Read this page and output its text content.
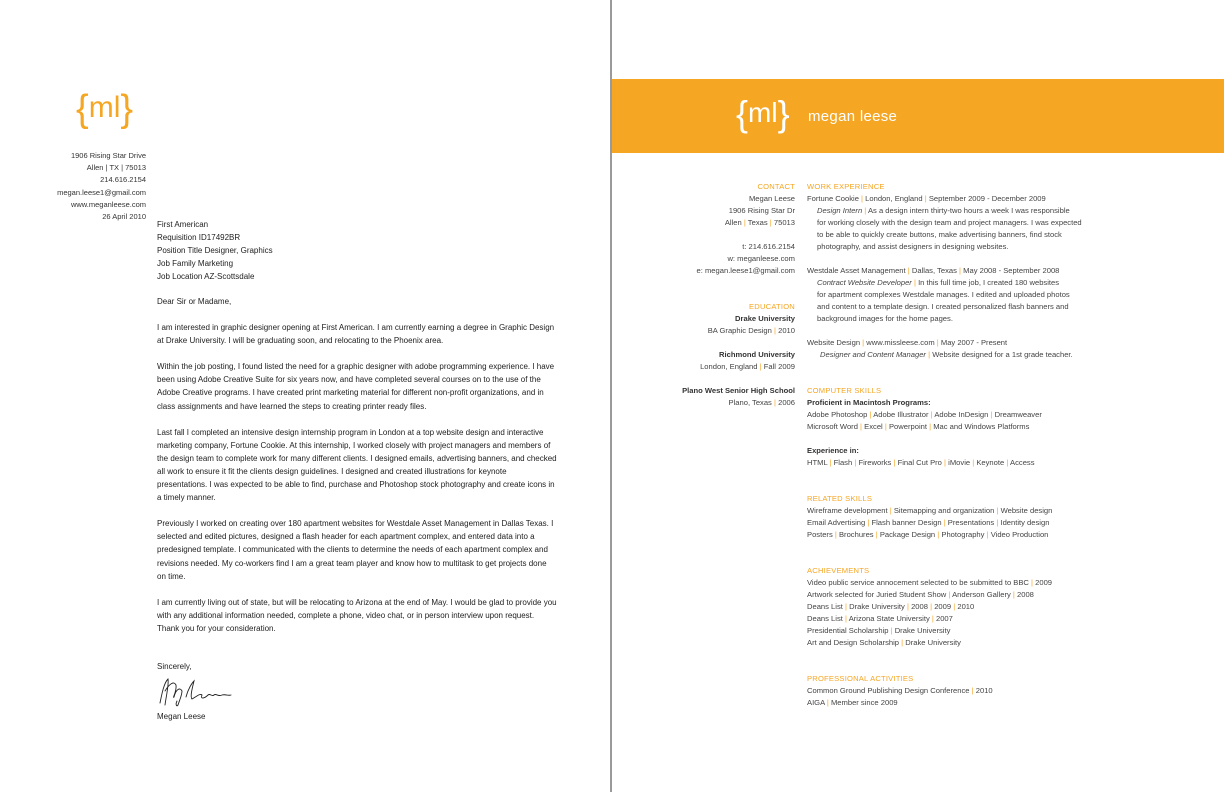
{ml}
1906 Rising Star Drive
Allen | TX | 75013
214.616.2154
megan.leese1@gmail.com
www.meganleese.com
26 April 2010
First American
Requisition ID17492BR
Position Title Designer, Graphics
Job Family Marketing
Job Location AZ-Scottsdale

Dear Sir or Madame,

I am interested in graphic designer opening at First American. I am currently earning a degree in Graphic Design at Drake University. I will be graduating soon, and relocating to the Phoenix area.

Within the job posting, I found listed the need for a graphic designer with adobe programming experience. I have been using Adobe Creative Suite for six years now, and have completed several courses on to the use of the Adobe Creative programs. I have created print marketing material for different non-profit organizations, and in class assignments and have learned the steps to creating printer ready files.

Last fall I completed an intensive design internship program in London at a top website design and interactive marketing company, Fortune Cookie. At this internship, I worked closely with project managers and members of the design team to complete work for many different clients. I designed emails, advertising banners, and checked all work to ensure it fit the clients design guidelines. I designed and created illustrations for keynote presentations. I was expected to be able to find, purchase and Photoshop stock photography and create icons in a timely manner.

Previously I worked on creating over 180 apartment websites for Westdale Asset Management in Dallas Texas. I selected and edited pictures, designed a flash header for each apartment complex, and entered data into a predesigned template. I communicated with the clients to determine the needs of each apartment complex and revisions needed. My co-workers find I am a great team player and know how to multitask to get projects done on time.

I am currently living out of state, but will be relocating to Arizona at the end of May. I would be glad to provide you with any additional information needed, complete a phone, video chat, or in person interview upon request. Thank you for your consideration.

Sincerely,
Megan Leese
{ml} megan leese
CONTACT
Megan Leese
1906 Rising Star Dr
Allen | Texas | 75013
t: 214.616.2154
w: meganleese.com
e: megan.leese1@gmail.com
EDUCATION
Drake University
BA Graphic Design | 2010
Richmond University
London, England | Fall 2009
Plano West Senior High School
Plano, Texas | 2006
WORK EXPERIENCE
Fortune Cookie | London, England | September 2009 - December 2009
Design Intern | As a design intern thirty-two hours a week I was responsible
for working closely with the design team and project managers. I was expected
to be able to quickly create buttons, make advertising banners, find stock
photography, and assist designers in designing websites.
Westdale Asset Management | Dallas, Texas | May 2008 - September 2008
Contract Website Developer | In this full time job, I created 180 websites
for apartment complexes Westdale manages. I edited and uploaded photos
and content to a template design. I created personalized flash banners and
background images for the home pages.
Website Design | www.missleese.com | May 2007 - Present
Designer and Content Manager | Website designed for a 1st grade teacher.
COMPUTER SKILLS
Proficient in Macintosh Programs:
Adobe Photoshop | Adobe Illustrator | Adobe InDesign | Dreamweaver
Microsoft Word | Excel | Powerpoint | Mac and Windows Platforms
Experience in:
HTML | Flash | Fireworks | Final Cut Pro | iMovie | Keynote | Access
RELATED SKILLS
Wireframe development | Sitemapping and organization | Website design
Email Advertising | Flash banner Design | Presentations | Identity design
Posters | Brochures | Package Design | Photography | Video Production
ACHIEVEMENTS
Video public service annocement selected to be submitted to BBC | 2009
Artwork selected for Juried Student Show | Anderson Gallery | 2008
Deans List | Drake University | 2008 | 2009 | 2010
Deans List | Arizona State University | 2007
Presidential Scholarship | Drake University
Art and Design Scholarship | Drake University
PROFESSIONAL ACTIVITIES
Common Ground Publishing Design Conference | 2010
AIGA | Member since 2009
